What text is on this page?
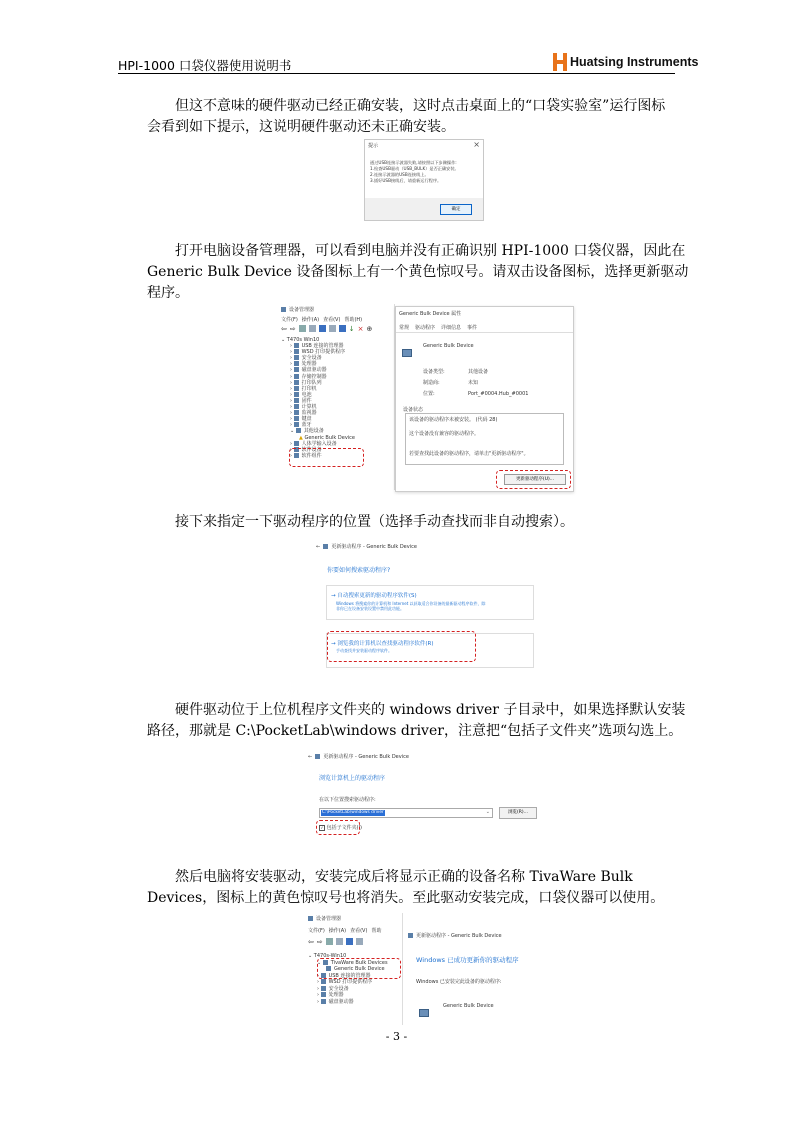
HPI-1000 口袋仪器使用说明书	Huatsing Instruments
但这不意味的硬件驱动已经正确安装，这时点击桌面上的“口袋实验室”运行图标
会看到如下提示，这说明硬件驱动还未正确安装。
提示	×
通过USB连接示波器失败,请按照以下步骤操作:
1.检查USB驱动（USB_BULK）是否正确安装。
2.连接示波器的USB连接线上。
3.插好USB接线后，请重新运行程序。
确定
打开电脑设备管理器，可以看到电脑并没有正确识别 HPI-1000 口袋仪器，因此在
Generic Bulk Device 设备图标上有一个黄色惊叹号。请双击设备图标，选择更新驱动
程序。
设备管理器
文件(F) 操作(A) 查看(V) 帮助(H)
⇦ ⇨	↓ × ⊕
⌄ T470s Win10
› USB 连接的管理器
› WSD 打印提供程序
› 安全设备
› 处理器
› 磁盘驱动器
› 存储控制器
› 打印队列
› 打印机
› 电池
› 固件
› 计算机
› 监视器
› 键盘
› 蓝牙
⌄ 其他设备
▲ Generic Bulk Device
› 人体学输入设备
› 软件设备
› 软件组件
Generic Bulk Device 属性
常规 驱动程序 详细信息 事件
Generic Bulk Device
设备类型:	其他设备
制造商:	未知
位置:	Port_#0004.Hub_#0001
设备状态
该设备的驱动程序未被安装。 (代码 28)
这个设备没有兼容的驱动程序。
若要查找此设备的驱动程序，请单击"更新驱动程序"。
更新驱动程序(U)...
接下来指定一下驱动程序的位置（选择手动查找而非自动搜索）。
← 更新驱动程序 - Generic Bulk Device
你要如何搜索驱动程序?
→ 自动搜索更新的驱动程序软件(S)
Windows 将搜索你的计算机和 Internet 以获取适合你设备的最新驱动程序软件，除
非你已在设备安装设置中禁用此功能。
→ 浏览我的计算机以查找驱动程序软件(R)
手动查找并安装驱动程序软件。
硬件驱动位于上位机程序文件夹的 windows driver 子目录中，如果选择默认安装
路径，那就是 C:\PocketLab\windows driver，注意把“包括子文件夹”选项勾选上。
← 更新驱动程序 - Generic Bulk Device
浏览计算机上的驱动程序
在以下位置搜索驱动程序:
C:\PocketLab\windows driver	⌄	浏览(R)...
✓ 包括子文件夹(I)
然后电脑将安装驱动，安装完成后将显示正确的设备名称 TivaWare Bulk
Devices，图标上的黄色惊叹号也将消失。至此驱动安装完成，口袋仪器可以使用。
设备管理器
文件(F) 操作(A) 查看(V) 帮助
⇦ ⇨
⌄ T470s-Win10
⌄ TivaWare Bulk Devices
Generic Bulk Device
› USB 连接的管理器
› WSD 打印提供程序
› 安全设备
› 处理器
› 磁盘驱动器
更新驱动程序 - Generic Bulk Device
Windows 已成功更新你的驱动程序
Windows 已安装完此设备的驱动程序:
Generic Bulk Device
- 3 -
